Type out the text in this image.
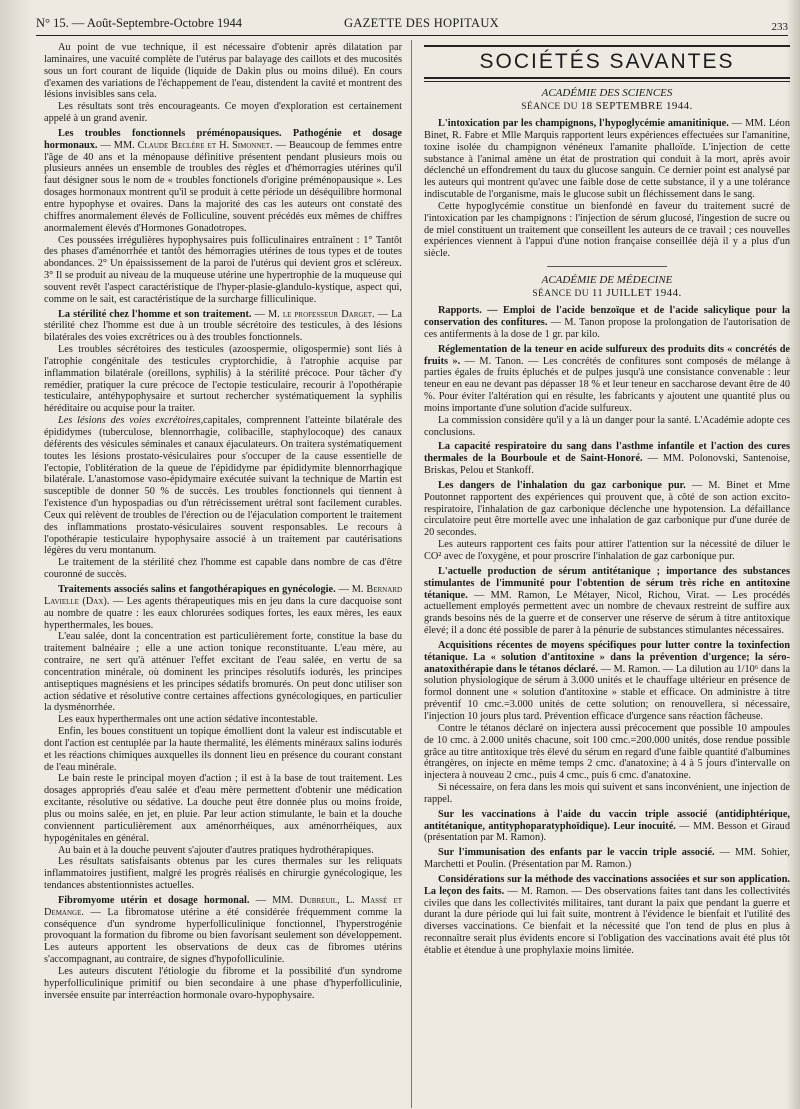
N° 15. — Août-Septembre-Octobre 1944	GAZETTE DES HOPITAUX	233

Au point de vue technique, il est nécessaire d'obtenir après dilatation par laminaires, une vacuité complète de l'utérus par balayage des caillots et des mucosités sous un fort courant de liquide (liquide de Dakin plus ou moins dilué). En cours d'examen des variations de l'échappement de l'eau, distendent la cavité et montrent des lésions invisibles sans cela.

Les résultats sont très encourageants. Ce moyen d'exploration est certainement appelé à un grand avenir.

Les troubles fonctionnels préménopausiques. Pathogénie et dosage hormonaux. — MM. Claude Beclère et H. Simonnet. — Beaucoup de femmes entre l'âge de 40 ans et la ménopause définitive présentent pendant plusieurs mois ou plusieurs années un ensemble de troubles des règles et d'hémorragies utérines qu'il faut désigner sous le nom de « troubles fonctionels d'origine préménopausique ». Les dosages hormonaux montrent qu'il se produit à cette période un déséquilibre hormonal entre hypophyse et ovaires. Dans la majorité des cas les auteurs ont constaté des chiffres anormalement élevés de Folliculine, souvent précédés eux mêmes de chiffres anormalement élevés d'Hormones Gonadotropes.

Ces poussées irrégulières hypophysaires puis folliculinaires entraînent : 1° Tantôt des phases d'aménorrhée et tantôt des hémorragies utérines de tous types et de toutes abondances. 2° Un épaississement de la paroi de l'utérus qui devient gros et scléreux. 3° Il se produit au niveau de la muqueuse utérine une hypertrophie de la muqueuse qui souvent revêt l'aspect caractéristique de l'hyper-plasie-glandulo-kystique, aspect qui, comme on le sait, est caractéristique de la surcharge filliculinique.

La stérilité chez l'homme et son traitement. — M. le professeur Darget. — La stérilité chez l'homme est due à un trouble sécrétoire des testicules, à des lésions bilatérales des voies excrétrices ou à des troubles fonctionnels.

Les troubles sécrétoires des testicules (azoospermie, oligospermie) sont liés à l'atrophie congénitale des testicules cryptorchidie, à l'atrophie acquise par inflammation bilatérale (oreillons, syphilis) à la stérilité précoce. Pour tâcher d'y remédier, pratiquer la cure précoce de l'ectopie testiculaire, recourir à l'opothérapie testiculaire, antéhypophysaire et surtout rechercher systématiquement la syphilis héréditaire ou acquise pour la traiter.

Les lésions des voies excrétoires,capitales, comprennent l'atteinte bilatérale des épididymes (tuberculose, blennorrhagie, colibacille, staphylocoque) des canaux déférents des vésicules séminales et canaux éjaculateurs. On traitera systématiquement toutes les lésions prostato-vésiculaires pour s'occuper de la cause essentielle de l'ectopie, l'oblitération de la queue de l'épididyme par épididymite blennorrhagique bilatérale. L'anastomose vaso-épidymaire exécutée suivant la technique de Martin est susceptible de donner 50 % de succès. Les troubles fonctionnels qui tiennent à l'existence d'un hypospadias ou d'un rétrécissement urétral sont facilement curables. Ceux qui relèvent de troubles de l'érection ou de l'éjaculation comportent le traitement des inflammations prostato-vésiculaires souvent responsables. Le recours à l'opothérapie testiculaire hypophysaire associé à un traitement par cautérisations légères du veru montanum.

Le traitement de la stérilité chez l'homme est capable dans nombre de cas d'être couronné de succès.

Traitements associés salins et fangothérapiques en gynécologie. — M. Bernard Lavielle (Dax). — Les agents thérapeutiques mis en jeu dans la cure dacquoise sont au nombre de quatre : les eaux chlorurées sodiques fortes, les eaux mères, les eaux hyperthermales, les boues.

L'eau salée, dont la concentration est particulièrement forte, constitue la base du traitement balnéaire ; elle a une action tonique reconstituante. L'eau mère, au contraire, ne sert qu'à atténuer l'effet excitant de l'eau salée, en vertu de sa concentration minérale, où dominent les principes résolutifs iodurés, les principes antiseptiques magnésiens et les principes sédatifs bromurés. On peut donc utiliser son action sédative et résolutive contre certaines affections gynécologiques, en particulier la dysménorrhée.

Les eaux hyperthermales ont une action sédative incontestable.

Enfin, les boues constituent un topique émollient dont la valeur est indiscutable et dont l'action est centuplée par la haute thermalité, les éléments minéraux salins iodurés et les réactions chimiques auxquelles ils donnent lieu en présence du courant constant de l'eau minérale.

Le bain reste le principal moyen d'action ; il est à la base de tout traitement. Les dosages appropriés d'eau salée et d'eau mère permettent d'obtenir une médication excitante, résolutive ou sédative. La douche peut être donnée plus ou moins froide, plus ou moins salée, en jet, en pluie. Par leur action stimulante, le bain et la douche conviennent particulièrement aux aménorrhéiques, aux aménorrhéiques, aux hypogénitales en général.

Au bain et à la douche peuvent s'ajouter d'autres pratiques hydrothérapiques.

Les résultats satisfaisants obtenus par les cures thermales sur les reliquats inflammatoires justifient, malgré les progrès réalisés en chirurgie gynécologique, les tendances abstentionnistes actuelles.

Fibromyome utérin et dosage hormonal. — MM. Dubreuil, L. Massé et Demange. — La fibromatose utérine a été considérée fréquemment comme la conséquence d'un syndrome hyperfolliculinique fonctionnel, l'hyperstrogénie provoquant la formation du fibrome ou bien favorisant seulement son développement. Les auteurs apportent les observations de deux cas de fibromes utérins s'accompagnant, au contraire, de signes d'hypofolliculinie.

Les auteurs discutent l'étiologie du fibrome et la possibilité d'un syndrome hyperfolliculinique primitif ou bien secondaire à une phase d'hyperfolliculinie, inversée ensuite par interréaction hormonale ovaro-hypophysaire.

SOCIÉTÉS SAVANTES
ACADÉMIE DES SCIENCES
SÉANCE DU 18 SEPTEMBRE 1944.

L'intoxication par les champignons, l'hypoglycémie amanitinique. — MM. Léon Binet, R. Fabre et Mlle Marquis rapportent leurs expériences effectuées sur l'amanitine, toxine isolée du champignon vénéneux l'amanite phalloïde. L'injection de cette substance à l'animal amène un état de prostration qui conduit à la mort, après avoir déclenché un effondrement du taux du glucose sanguin. Ce dernier point est analysé par les auteurs qui montrent qu'avec une faible dose de cette substance, il y a une tolérance indiscutable de l'organisme, mais le glucose subit un fléchissement dans le sang.

Cette hypoglycémie constitue un bienfondé en faveur du traitement sucré de l'intoxication par les champignons : l'injection de sérum glucosé, l'ingestion de sucre ou de miel constituent un traitement que conseillent les auteurs de ce travail ; ces nouvelles expériences viennent à l'appui d'une notion française conseillée déjà il y a plus d'un siècle.

ACADÉMIE DE MÉDECINE
SÉANCE DU 11 JUILLET 1944.

Rapports. — Emploi de l'acide benzoïque et de l'acide salicylique pour la conservation des confitures. — M. Tanon propose la prolongation de l'autorisation de ces antiferments à la dose de 1 gr. par kilo.

Réglementation de la teneur en acide sulfureux des produits dits « concrétés de fruits ». — M. Tanon. — Les concrétés de confitures sont composés de mélange à parties égales de fruits épluchés et de pulpes jusqu'à une consistance convenable : leur teneur en eau ne devant pas dépasser 18 % et leur teneur en saccharose devant être de 40 %. Pour éviter l'altération qui en résulte, les fabricants y ajoutent une quantité plus ou moins importante d'une solution d'acide sulfureux.

La commission considère qu'il y a là un danger pour la santé. L'Académie adopte ces conclusions.

La capacité respiratoire du sang dans l'asthme infantile et l'action des cures thermales de la Bourboule et de Saint-Honoré. — MM. Polonovski, Santenoise, Briskas, Pelou et Stankoff.

Les dangers de l'inhalation du gaz carbonique pur. — M. Binet et Mme Poutonnet rapportent des expériences qui prouvent que, à côté de son action excito-respiratoire, l'inhalation de gaz carbonique déclenche une hypotension. La défaillance circulatoire peut être mortelle avec une inhalation de gaz carbonique pur d'une durée de 20 secondes.

Les auteurs rapportent ces faits pour attirer l'attention sur la nécessité de diluer le CO² avec de l'oxygène, et pour proscrire l'inhalation de gaz carbonique pur.

L'actuelle production de sérum antitétanique ; importance des substances stimulantes de l'immunité pour l'obtention de sérum très riche en antitoxine tétanique. — MM. Ramon, Le Métayer, Nicol, Richou, Virat. — Les procédés actuellement employés permettent avec un nombre de chevaux restreint de suffire aux grands besoins nés de la guerre et de conserver une réserve de sérum à titre antitoxique élevé; il a donc été possible de parer à la pénurie de substances stimulantes nécessaires.

Acquisitions récentes de moyens spécifiques pour lutter contre la toxinfection tétanique. La « solution d'antitoxine » dans la prévention d'urgence; la séro-anatoxithérapie dans le tétanos déclaré. — M. Ramon. — La dilution au 1/10⁶ dans la solution physiologique de sérum à 3.000 unités et le chauffage ultérieur en présence de formol donnent une « solution d'antitoxine » stable et efficace. On administre à titre préventif 10 cmc.=3.000 unités de cette solution; on renouvellera, si nécessaire, l'injection 10 jours plus tard. Prévention efficace d'urgence sans réaction fâcheuse.

Contre le tétanos déclaré on injectera aussi précocement que possible 10 ampoules de 10 cmc. à 2.000 unités chacune, soit 100 cmc.=200.000 unités, dose rendue possible grâce au titre antitoxique très élevé du sérum en regard d'une faible quantité d'albumines étrangères, on injecte en même temps 2 cmc. d'anatoxine; à 4 à 5 jours d'intervalle on injectera à nouveau 2 cmc., puis 4 cmc., puis 6 cmc. d'anatoxine.

Si nécessaire, on fera dans les mois qui suivent et sans inconvénient, une injection de rappel.

Sur les vaccinations à l'aide du vaccin triple associé (antidiphtérique, antitétanique, antityphoparatyphoïdique). Leur inocuité. — MM. Besson et Giraud (présentation par M. Ramon).

Sur l'immunisation des enfants par le vaccin triple associé. — MM. Sohier, Marchetti et Poulin. (Présentation par M. Ramon.)

Considérations sur la méthode des vaccinations associées et sur son application. La leçon des faits. — M. Ramon. — Des observations faites tant dans les collectivités civiles que dans les collectivités militaires, tant durant la paix que pendant la guerre et durant la dure période qui lui fait suite, montrent à l'évidence le bienfait et l'utilité des diverses vaccinations. Ce bienfait et la nécessité que l'on tend de plus en plus à reconnaître serait plus évidents encore si l'obligation des vaccinations avait été plus tôt établie et étendue à une prophylaxie moins limitée.
